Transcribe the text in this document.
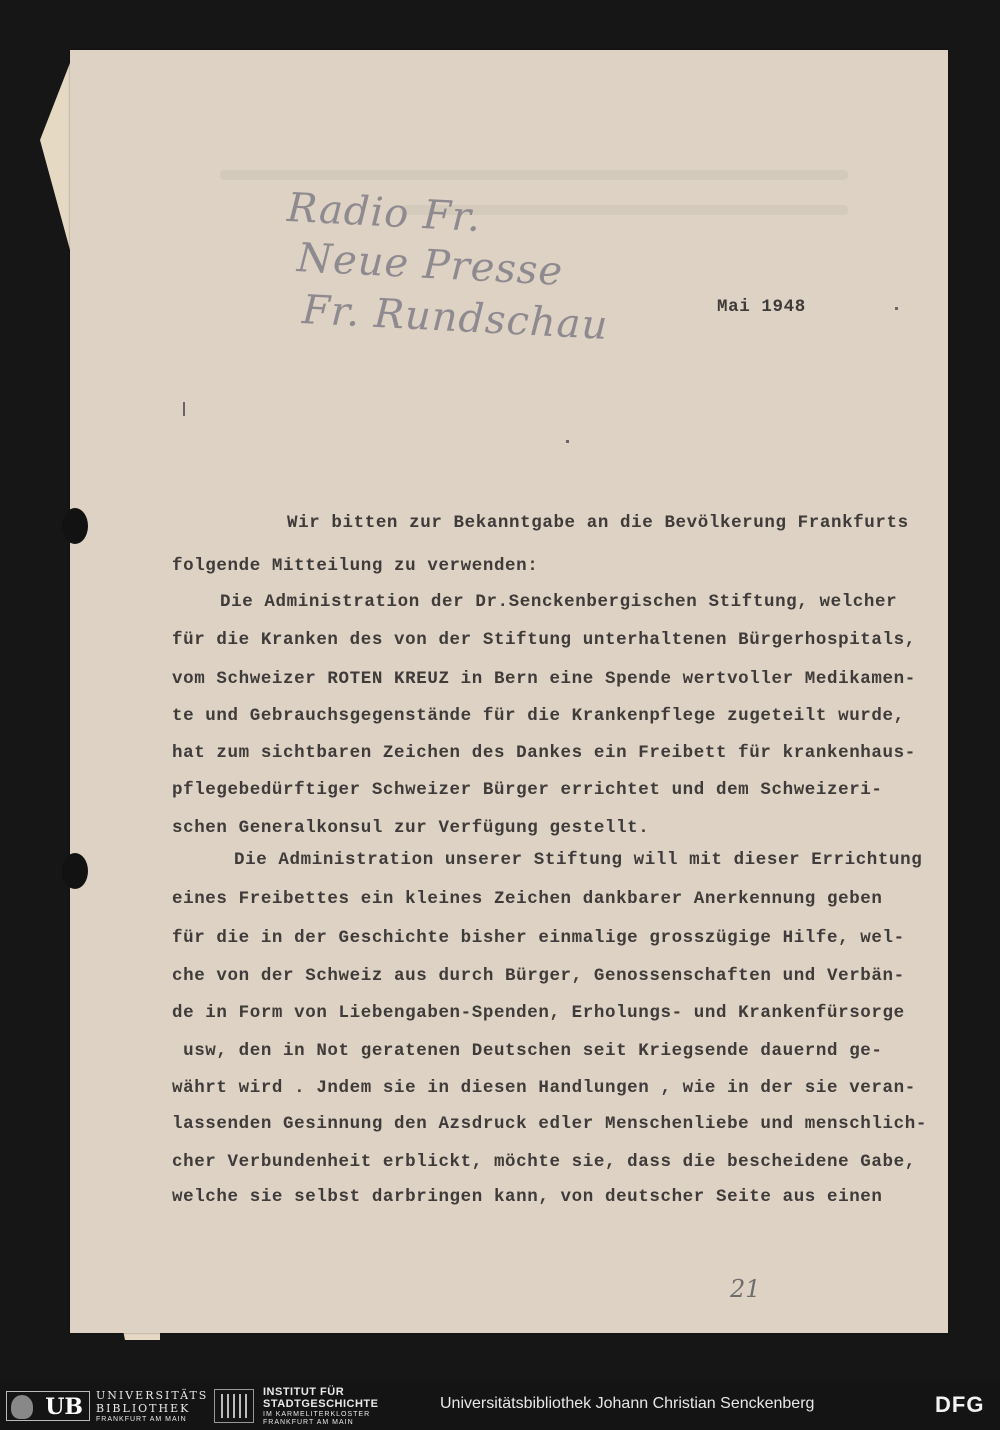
Radio Fr.
Neue Presse
Fr. Rundschau	Mai 1948
Wir bitten zur Bekanntgabe an die Bevölkerung Frankfurts
folgende Mitteilung zu verwenden:
Die Administration der Dr.Senckenbergischen Stiftung, welcher
für die Kranken des von der Stiftung unterhaltenen Bürgerhospitals,
vom Schweizer ROTEN KREUZ in Bern eine Spende wertvoller Medikamen-
te und Gebrauchsgegenstände für die Krankenpflege zugeteilt wurde,
hat zum sichtbaren Zeichen des Dankes ein Freibett für krankenhaus-
pflegebedürftiger Schweizer Bürger errichtet und dem Schweizeri-
schen Generalkonsul zur Verfügung gestellt.
Die Administration unserer Stiftung will mit dieser Errichtung
eines Freibettes ein kleines Zeichen dankbarer Anerkennung geben
für die in der Geschichte bisher einmalige grosszügige Hilfe, wel-
che von der Schweiz aus durch Bürger, Genossenschaften und Verbän-
de in Form von Liebengaben-Spenden, Erholungs- und Krankenfürsorge
usw, den in Not geratenen Deutschen seit Kriegsende dauernd ge-
währt wird . Jndem sie in diesen Handlungen , wie in der sie veran-
lassenden Gesinnung den Azsdruck edler Menschenliebe und menschlich-
cher Verbundenheit erblickt, möchte sie, dass die bescheidene Gabe,
welche sie selbst darbringen kann, von deutscher Seite aus einen
21
UB	UNIVERSITÄTS
BIBLIOTHEK
FRANKFURT AM MAIN
INSTITUT FÜR
STADTGESCHICHTE
IM KARMELITERKLOSTER
FRANKFURT AM MAIN
Universitätsbibliothek Johann Christian Senckenberg	DFG
